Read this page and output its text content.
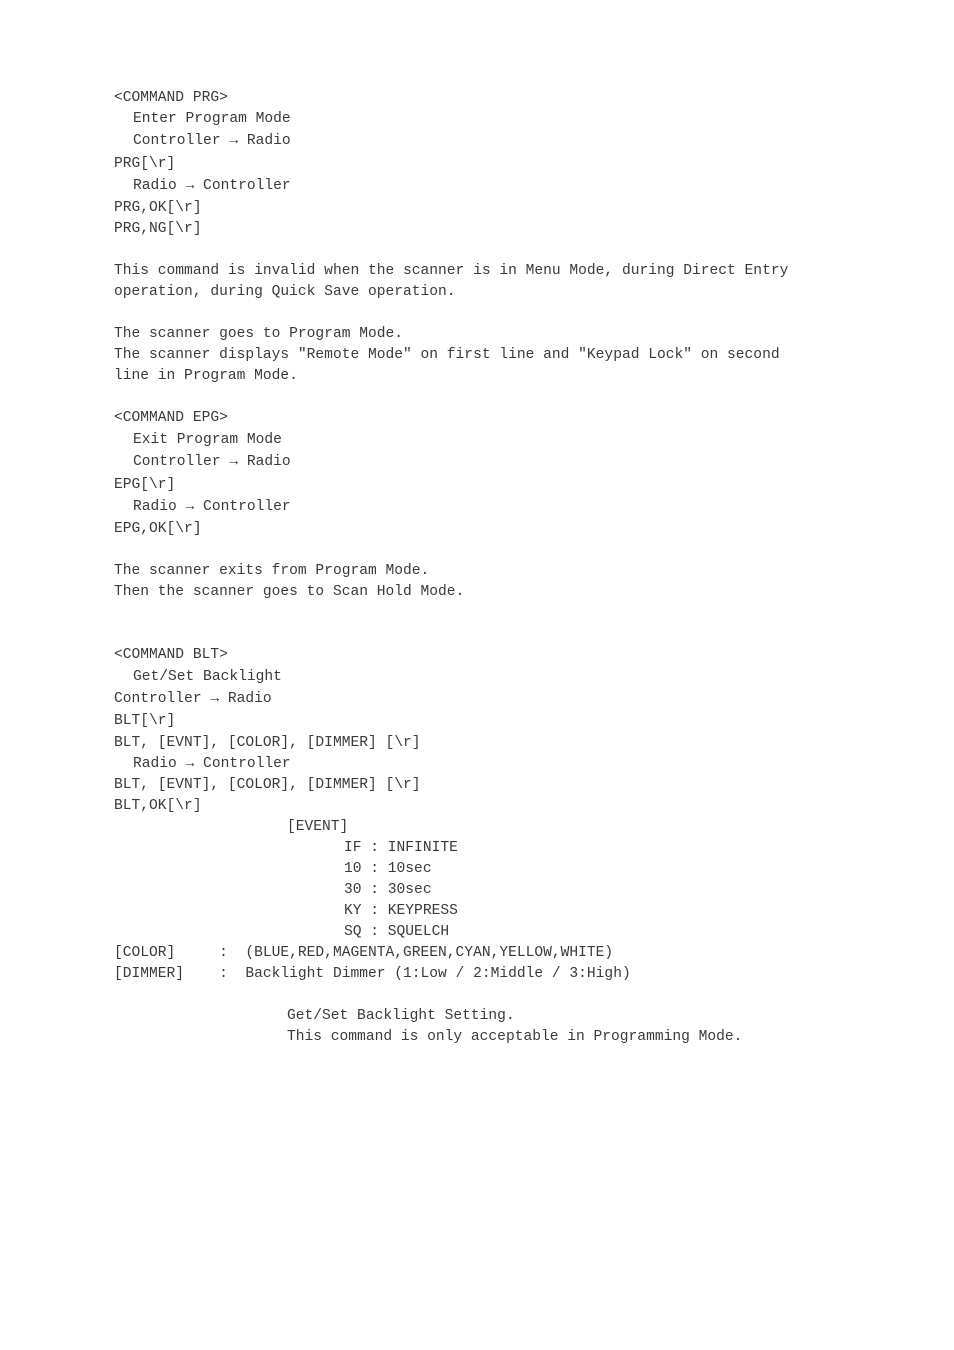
<COMMAND PRG>
Enter Program Mode
Controller → Radio
PRG[\r]
Radio → Controller
PRG,OK[\r]
PRG,NG[\r]
This command is invalid when the scanner is in Menu Mode, during Direct Entry
operation, during Quick Save operation.
The scanner goes to Program Mode.
The scanner displays "Remote Mode" on first line and "Keypad Lock" on second
line in Program Mode.
<COMMAND EPG>
Exit Program Mode
Controller → Radio
EPG[\r]
Radio → Controller
EPG,OK[\r]
The scanner exits from Program Mode.
Then the scanner goes to Scan Hold Mode.
<COMMAND BLT>
Get/Set Backlight
Controller → Radio
BLT[\r]
BLT, [EVNT], [COLOR], [DIMMER] [\r]
Radio → Controller
BLT, [EVNT], [COLOR], [DIMMER] [\r]
BLT,OK[\r]
[EVENT]
IF : INFINITE
10 : 10sec
30 : 30sec
KY : KEYPRESS
SQ : SQUELCH
[COLOR]     :  (BLUE,RED,MAGENTA,GREEN,CYAN,YELLOW,WHITE)
[DIMMER]    :  Backlight Dimmer (1:Low / 2:Middle / 3:High)
Get/Set Backlight Setting.
This command is only acceptable in Programming Mode.
